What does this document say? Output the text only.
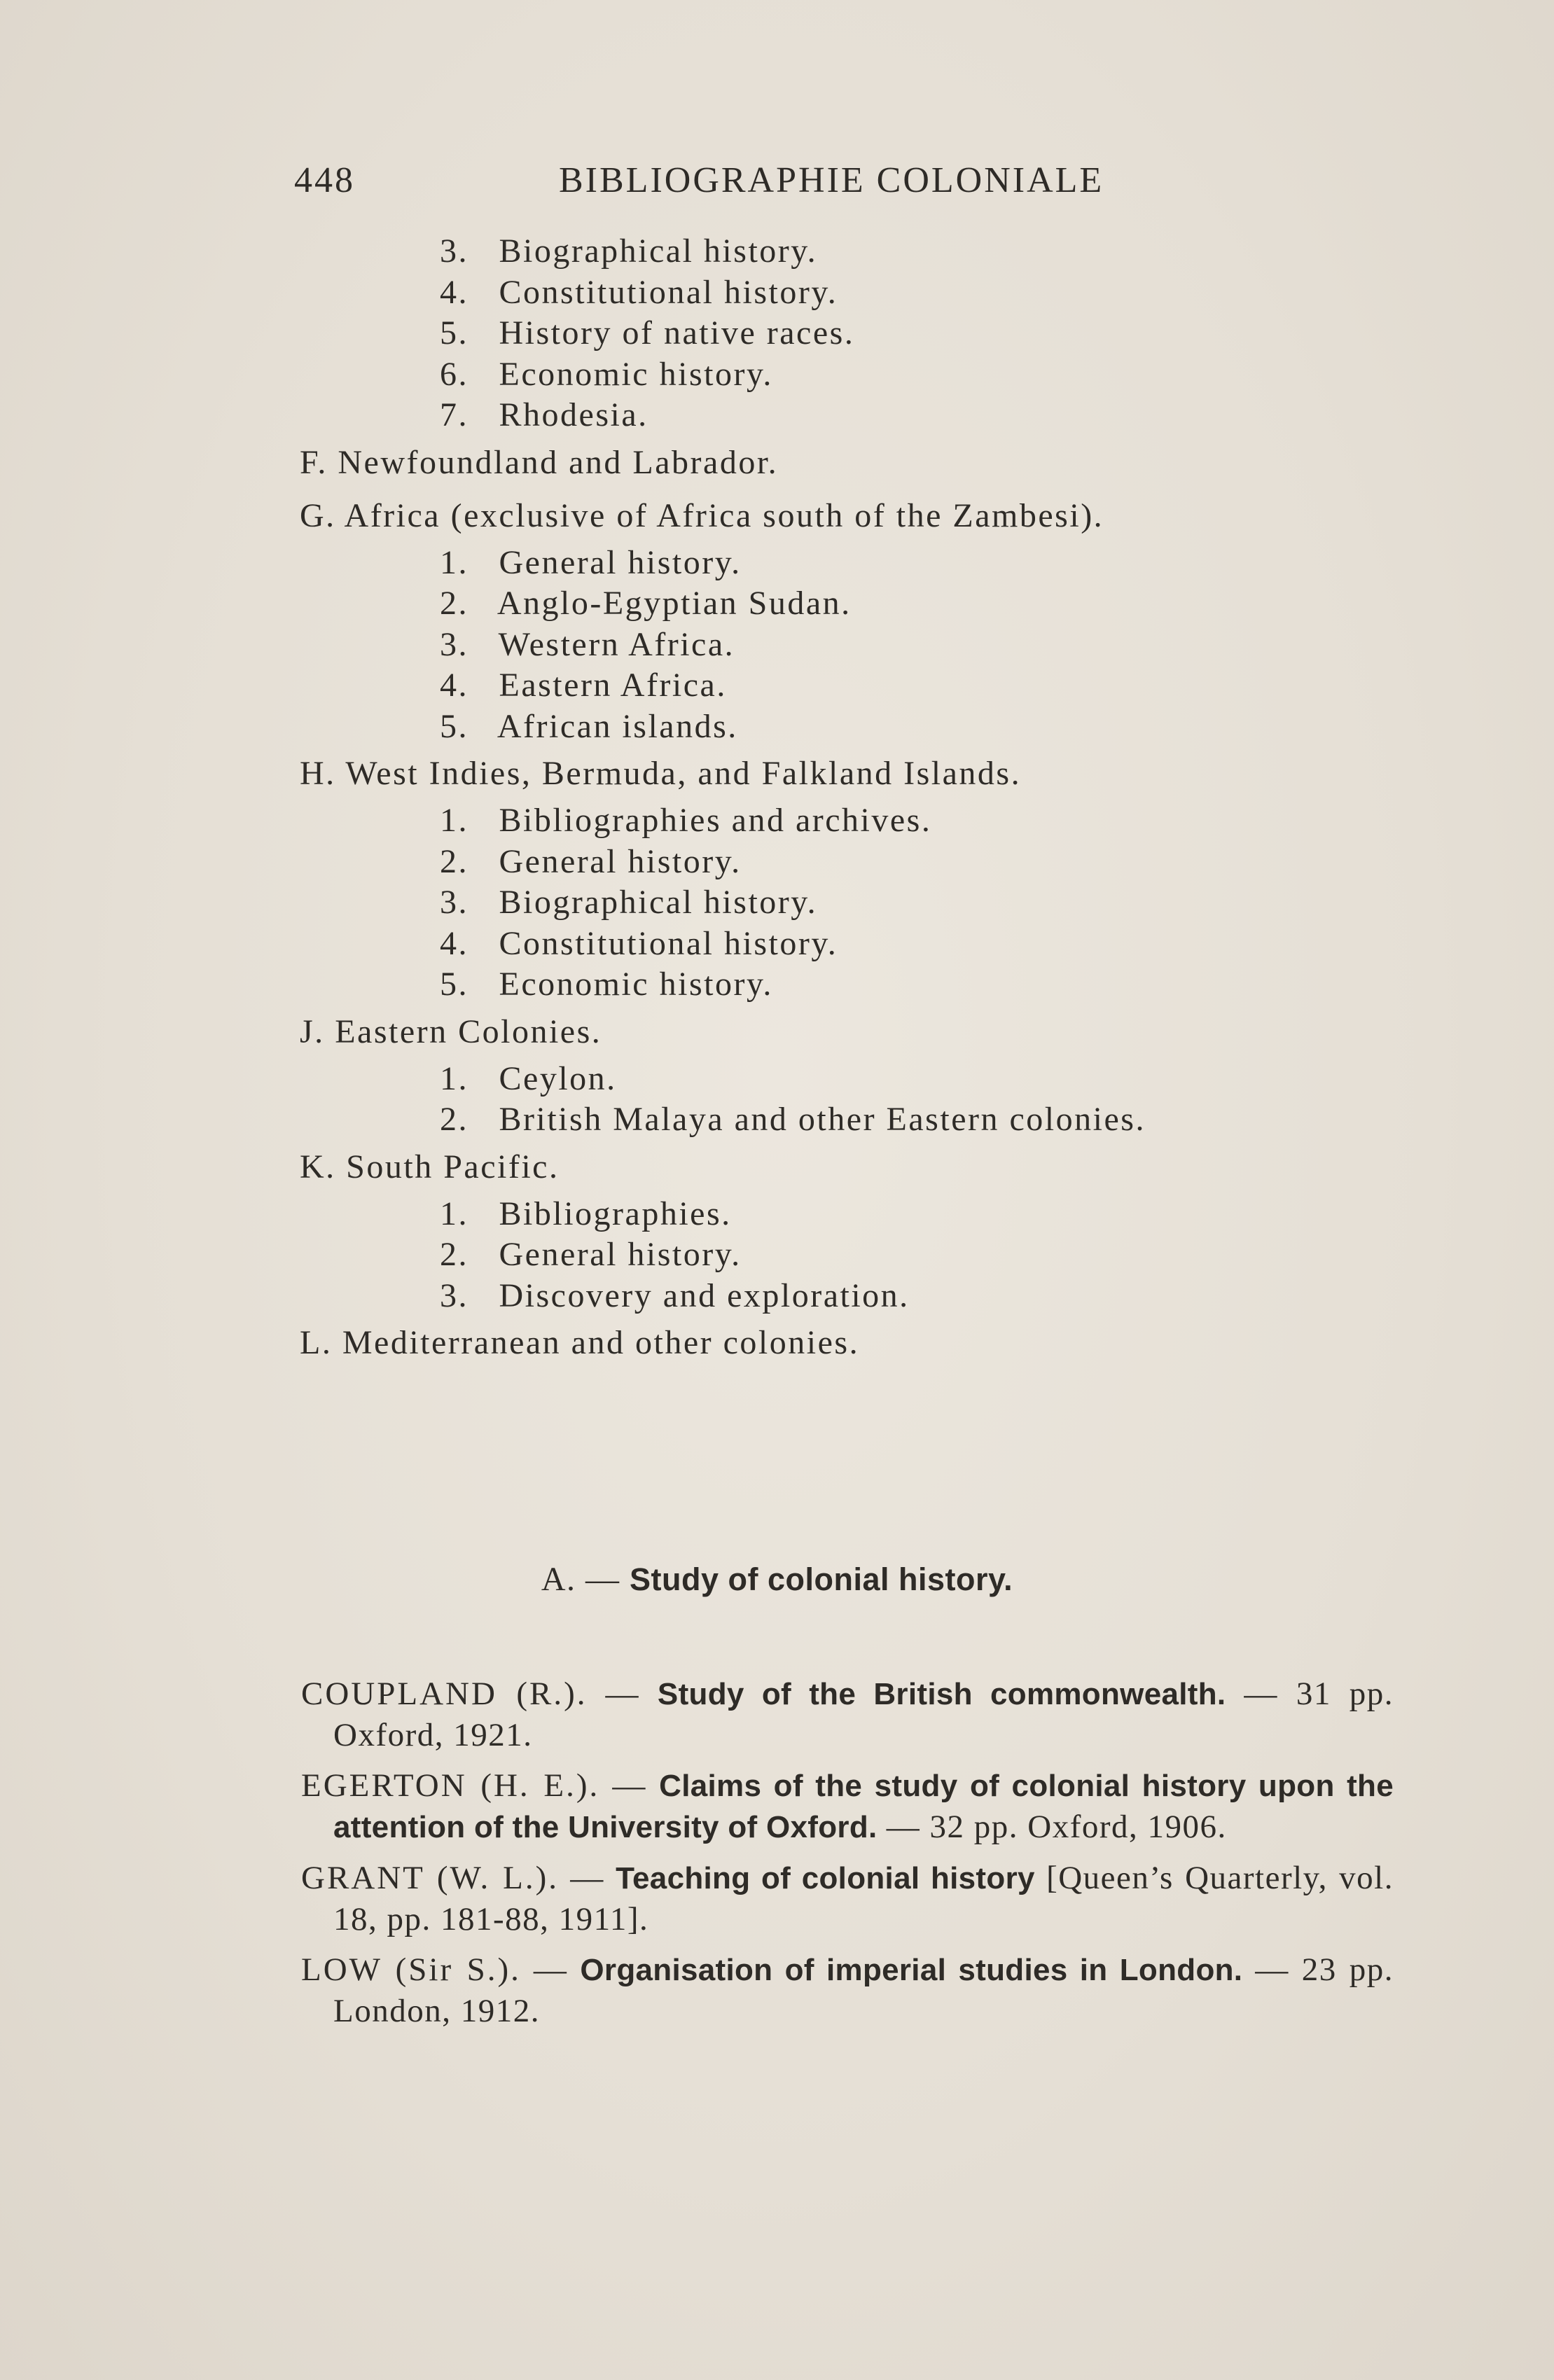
448	BIBLIOGRAPHIE COLONIALE
3. Biographical history.
4. Constitutional history.
5. History of native races.
6. Economic history.
7. Rhodesia.
F. Newfoundland and Labrador.
G. Africa (exclusive of Africa south of the Zambesi).
1. General history.
2. Anglo-Egyptian Sudan.
3. Western Africa.
4. Eastern Africa.
5. African islands.
H. West Indies, Bermuda, and Falkland Islands.
1. Bibliographies and archives.
2. General history.
3. Biographical history.
4. Constitutional history.
5. Economic history.
J. Eastern Colonies.
1. Ceylon.
2. British Malaya and other Eastern colonies.
K. South Pacific.
1. Bibliographies.
2. General history.
3. Discovery and exploration.
L. Mediterranean and other colonies.
A. — Study of colonial history.
COUPLAND (R.). — Study of the British commonwealth. — 31 pp. Oxford, 1921.
EGERTON (H. E.). — Claims of the study of colonial history upon the attention of the University of Oxford. — 32 pp. Oxford, 1906.
GRANT (W. L.). — Teaching of colonial history [Queen’s Quarterly, vol. 18, pp. 181-88, 1911].
LOW (Sir S.). — Organisation of imperial studies in London. — 23 pp. London, 1912.
